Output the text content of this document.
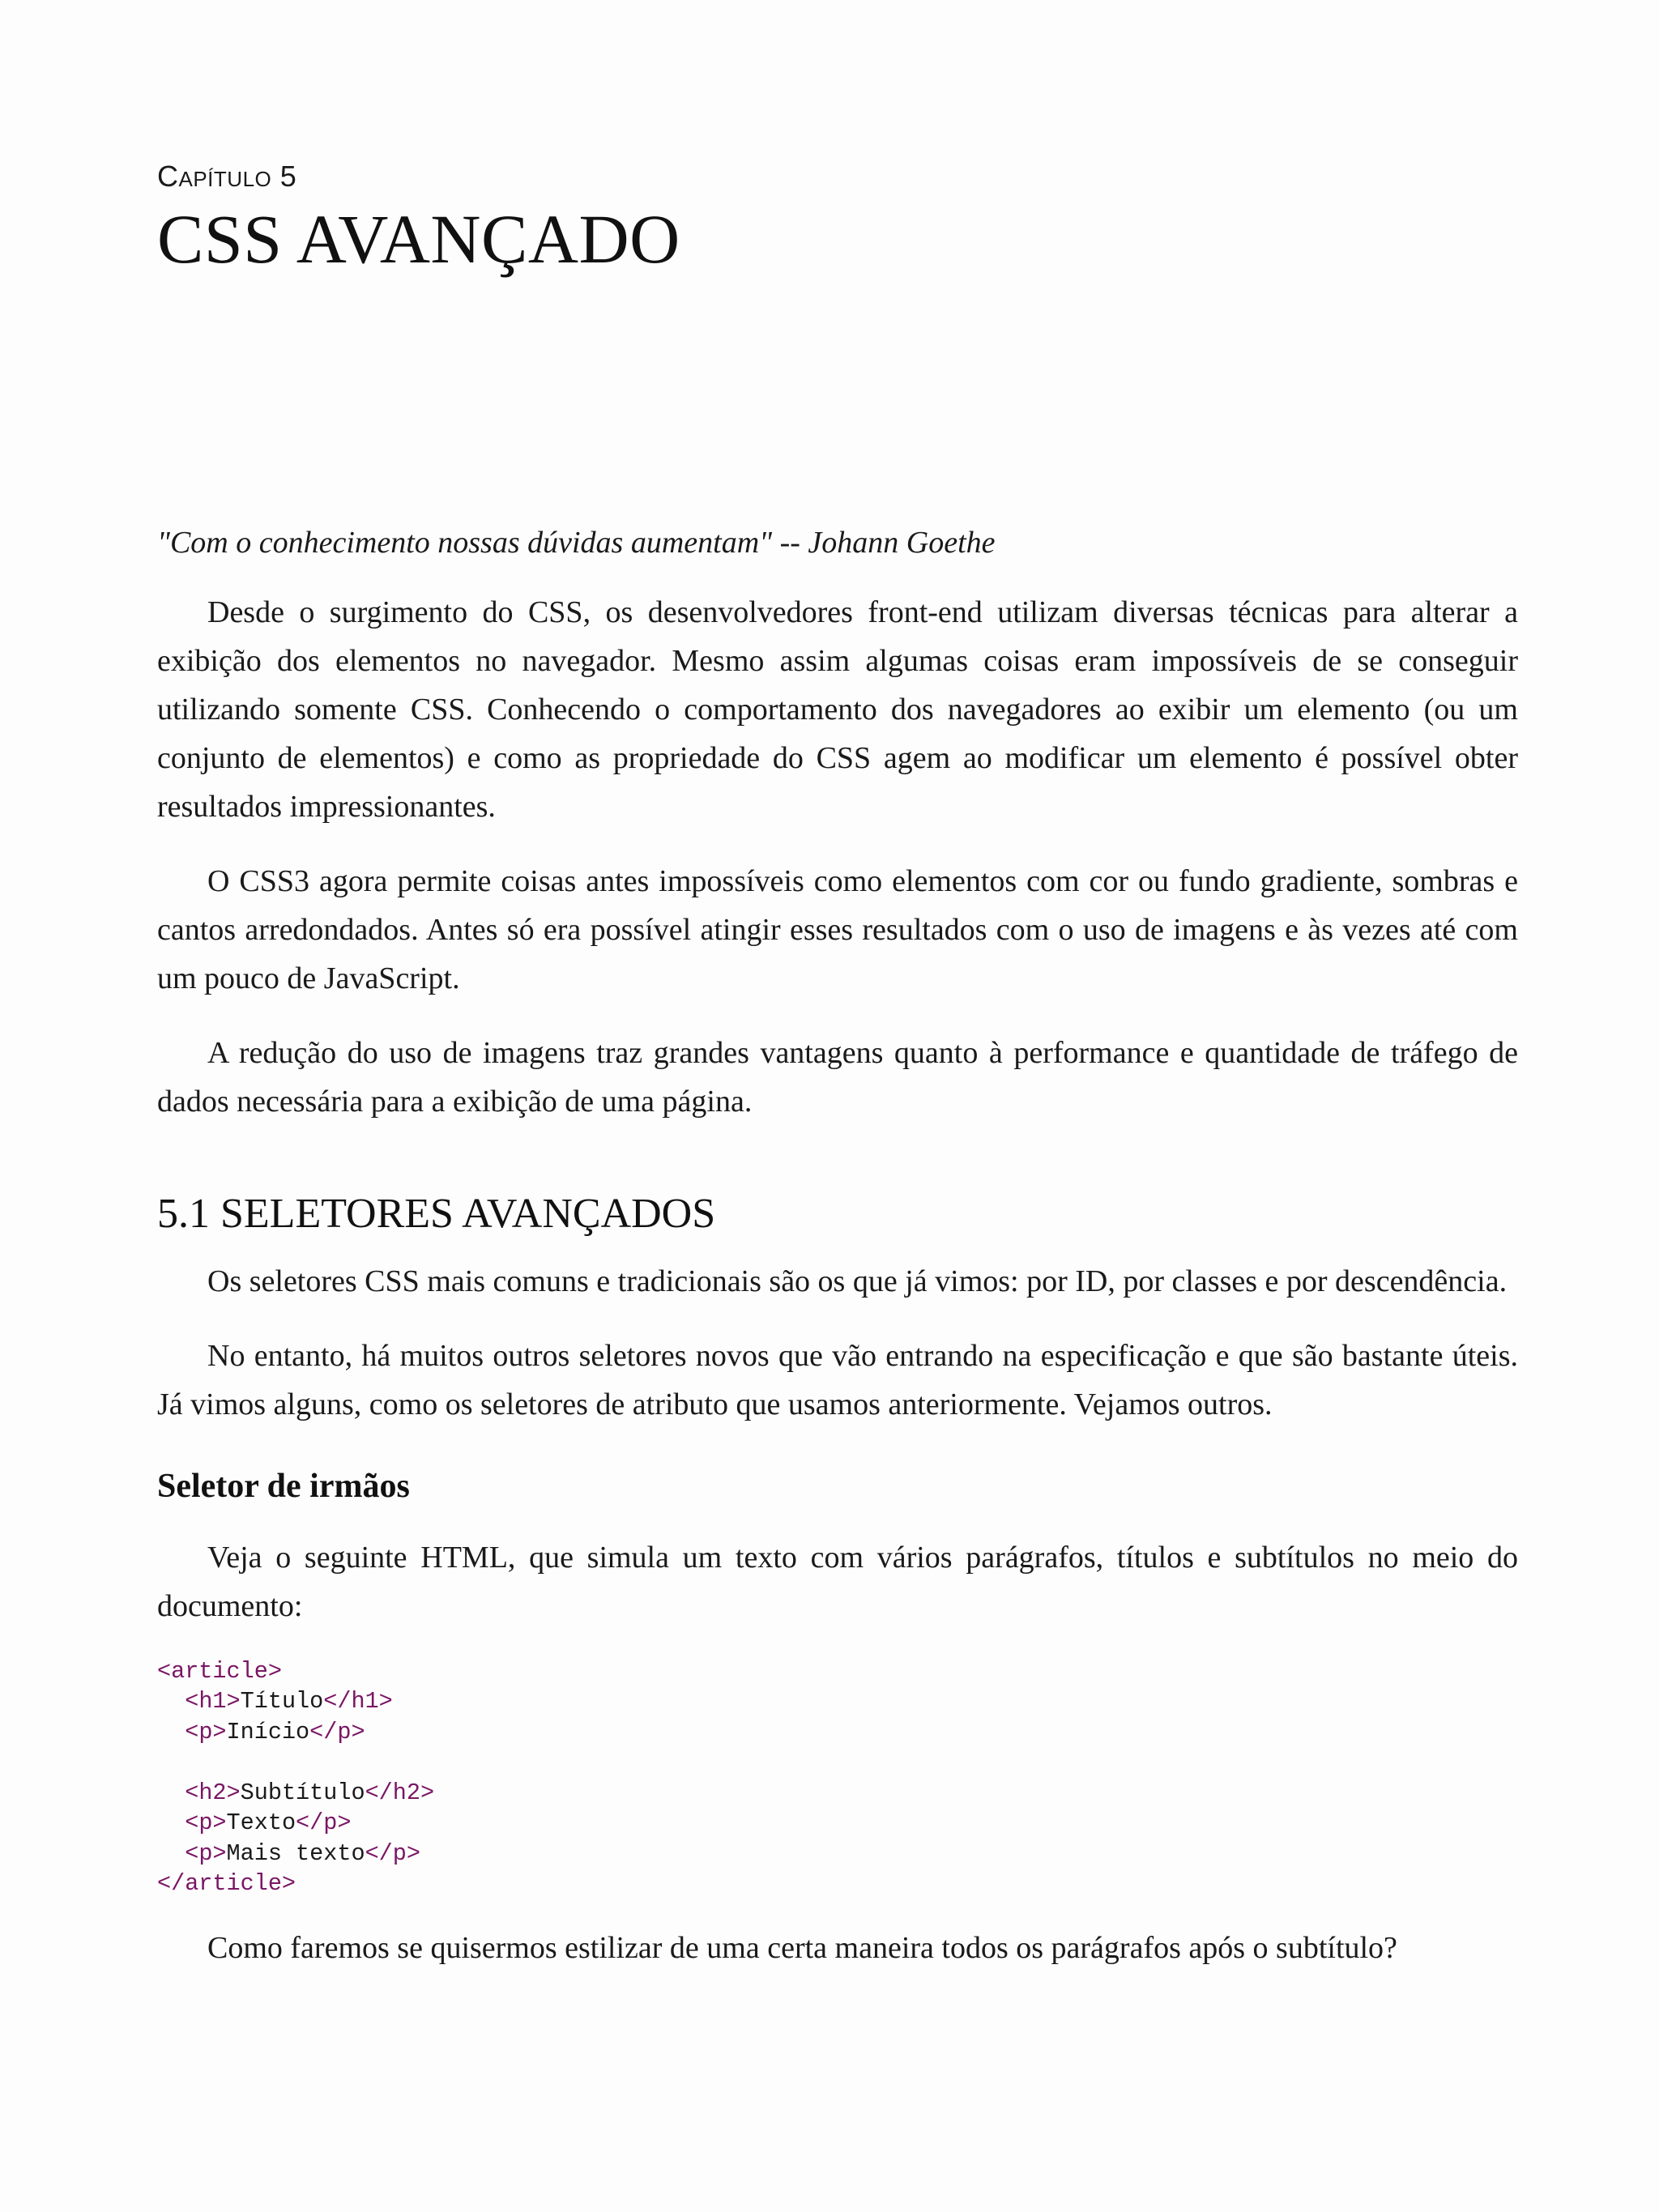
CAPÍTULO 5

CSS AVANÇADO

"Com o conhecimento nossas dúvidas aumentam" -- Johann Goethe

Desde o surgimento do CSS, os desenvolvedores front-end utilizam diversas técnicas para alterar a exibição dos elementos no navegador. Mesmo assim algumas coisas eram impossíveis de se conseguir utilizando somente CSS. Conhecendo o comportamento dos navegadores ao exibir um elemento (ou um conjunto de elementos) e como as propriedade do CSS agem ao modificar um elemento é possível obter resultados impressionantes.

O CSS3 agora permite coisas antes impossíveis como elementos com cor ou fundo gradiente, sombras e cantos arredondados. Antes só era possível atingir esses resultados com o uso de imagens e às vezes até com um pouco de JavaScript.

A redução do uso de imagens traz grandes vantagens quanto à performance e quantidade de tráfego de dados necessária para a exibição de uma página.

5.1 SELETORES AVANÇADOS

Os seletores CSS mais comuns e tradicionais são os que já vimos: por ID, por classes e por descendência.

No entanto, há muitos outros seletores novos que vão entrando na especificação e que são bastante úteis. Já vimos alguns, como os seletores de atributo que usamos anteriormente. Vejamos outros.

Seletor de irmãos

Veja o seguinte HTML, que simula um texto com vários parágrafos, títulos e subtítulos no meio do documento:

<article>
<h1>Título</h1>
<p>Início</p>
<h2>Subtítulo</h2>
<p>Texto</p>
<p>Mais texto</p>
</article>

Como faremos se quisermos estilizar de uma certa maneira todos os parágrafos após o subtítulo?
